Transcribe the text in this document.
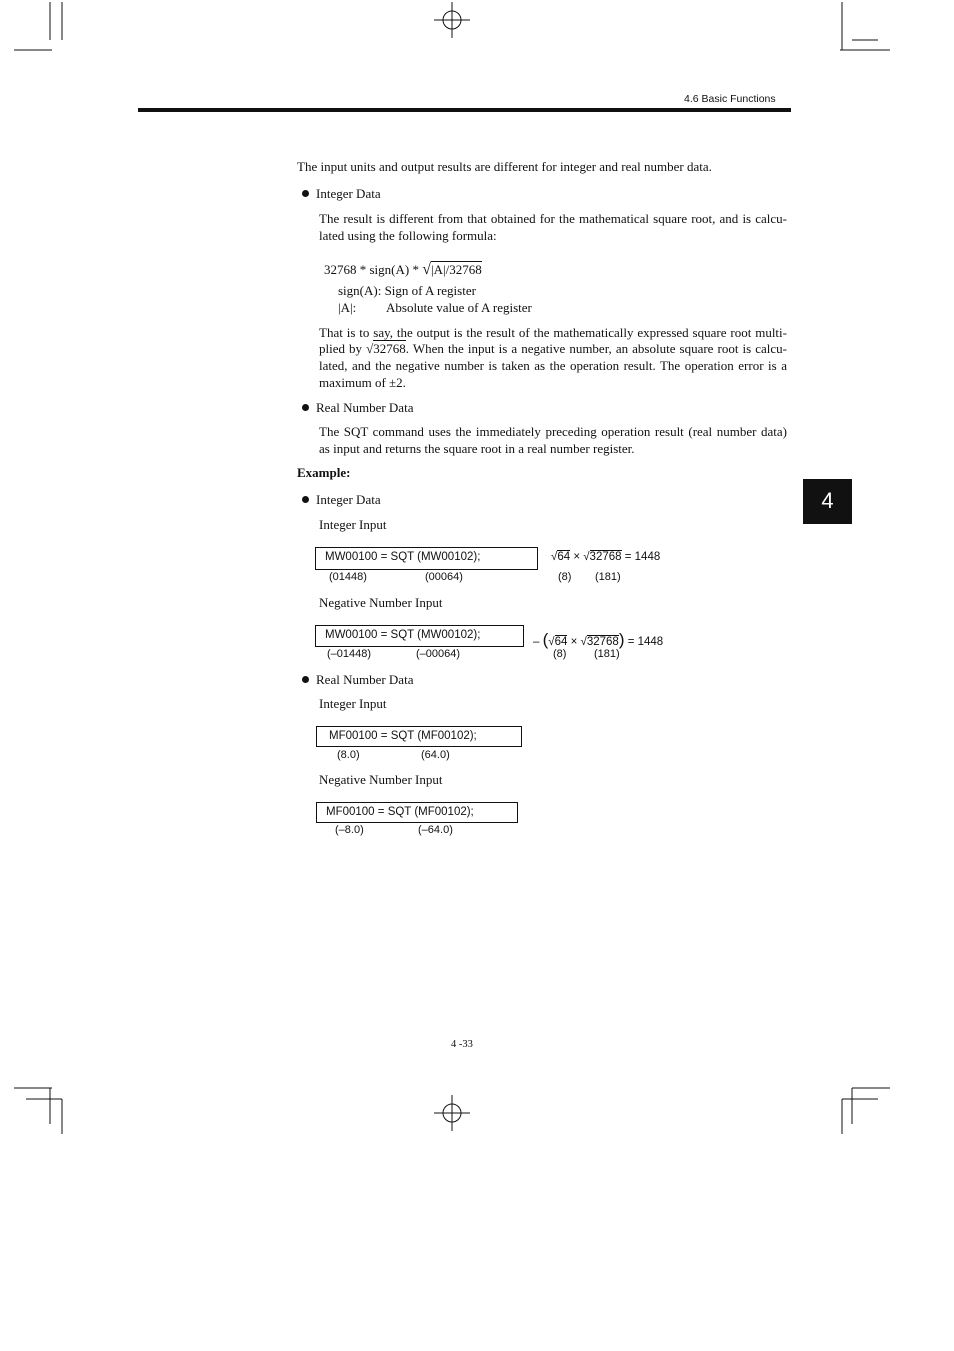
4.6 Basic Functions
4
The input units and output results are different for integer and real number data.
Integer Data
The result is different from that obtained for the mathematical square root, and is calcu-
lated using the following formula:
32768 * sign(A) * √|A|/32768
sign(A): Sign of A register
|A|: Absolute value of A register
That is to say, the output is the result of the mathematically expressed square root multi-
plied by √32768. When the input is a negative number, an absolute square root is calcu-
lated, and the negative number is taken as the operation result. The operation error is a
maximum of ±2.
Real Number Data
The SQT command uses the immediately preceding operation result (real number data)
as input and returns the square root in a real number register.
Example:
Integer Data
Integer Input
MW00100 = SQT (MW00102);
(01448)	(00064)
√64 × √32768 = 1448
(8) (181)
Negative Number Input
MW00100 = SQT (MW00102);
(–01448)	(–00064)
– (√64 × √32768) = 1448
(8)	(181)
Real Number Data
Integer Input
MF00100 = SQT (MF00102);
(8.0)	(64.0)
Negative Number Input
MF00100 = SQT (MF00102);
(–8.0)	(–64.0)
4 -33
